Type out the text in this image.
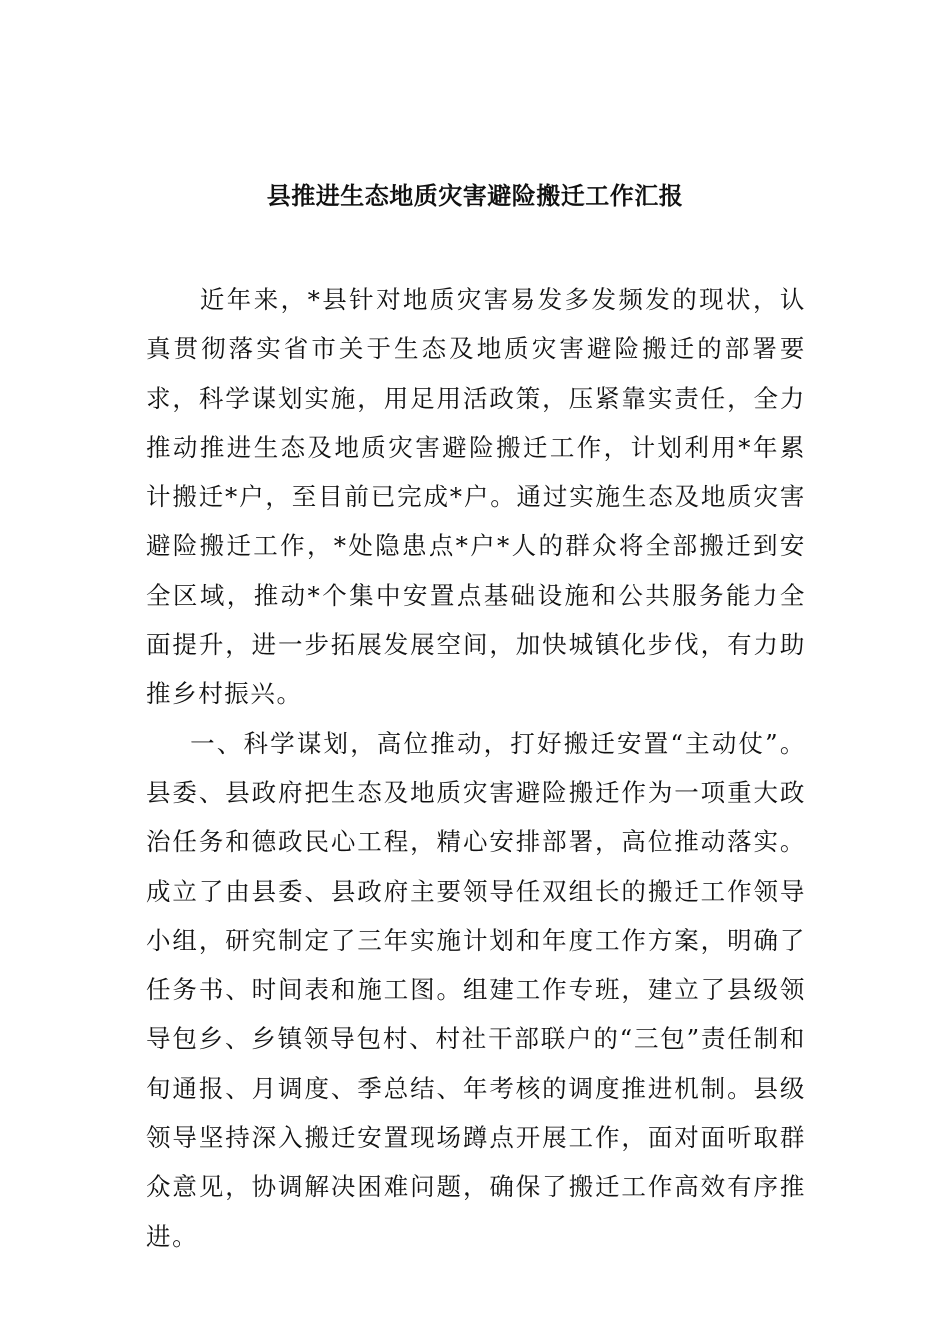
县推进生态地质灾害避险搬迁工作汇报

近年来，*县针对地质灾害易发多发频发的现状，认真贯彻落实省市关于生态及地质灾害避险搬迁的部署要求，科学谋划实施，用足用活政策，压紧靠实责任，全力推动推进生态及地质灾害避险搬迁工作，计划利用*年累计搬迁*户，至目前已完成*户。通过实施生态及地质灾害避险搬迁工作，*处隐患点*户*人的群众将全部搬迁到安全区域，推动*个集中安置点基础设施和公共服务能力全面提升，进一步拓展发展空间，加快城镇化步伐，有力助推乡村振兴。

一、科学谋划，高位推动，打好搬迁安置“主动仗”。县委、县政府把生态及地质灾害避险搬迁作为一项重大政治任务和德政民心工程，精心安排部署，高位推动落实。成立了由县委、县政府主要领导任双组长的搬迁工作领导小组，研究制定了三年实施计划和年度工作方案，明确了任务书、时间表和施工图。组建工作专班，建立了县级领导包乡、乡镇领导包村、村社干部联户的“三包”责任制和旬通报、月调度、季总结、年考核的调度推进机制。县级领导坚持深入搬迁安置现场蹲点开展工作，面对面听取群众意见，协调解决困难问题，确保了搬迁工作高效有序推进。
